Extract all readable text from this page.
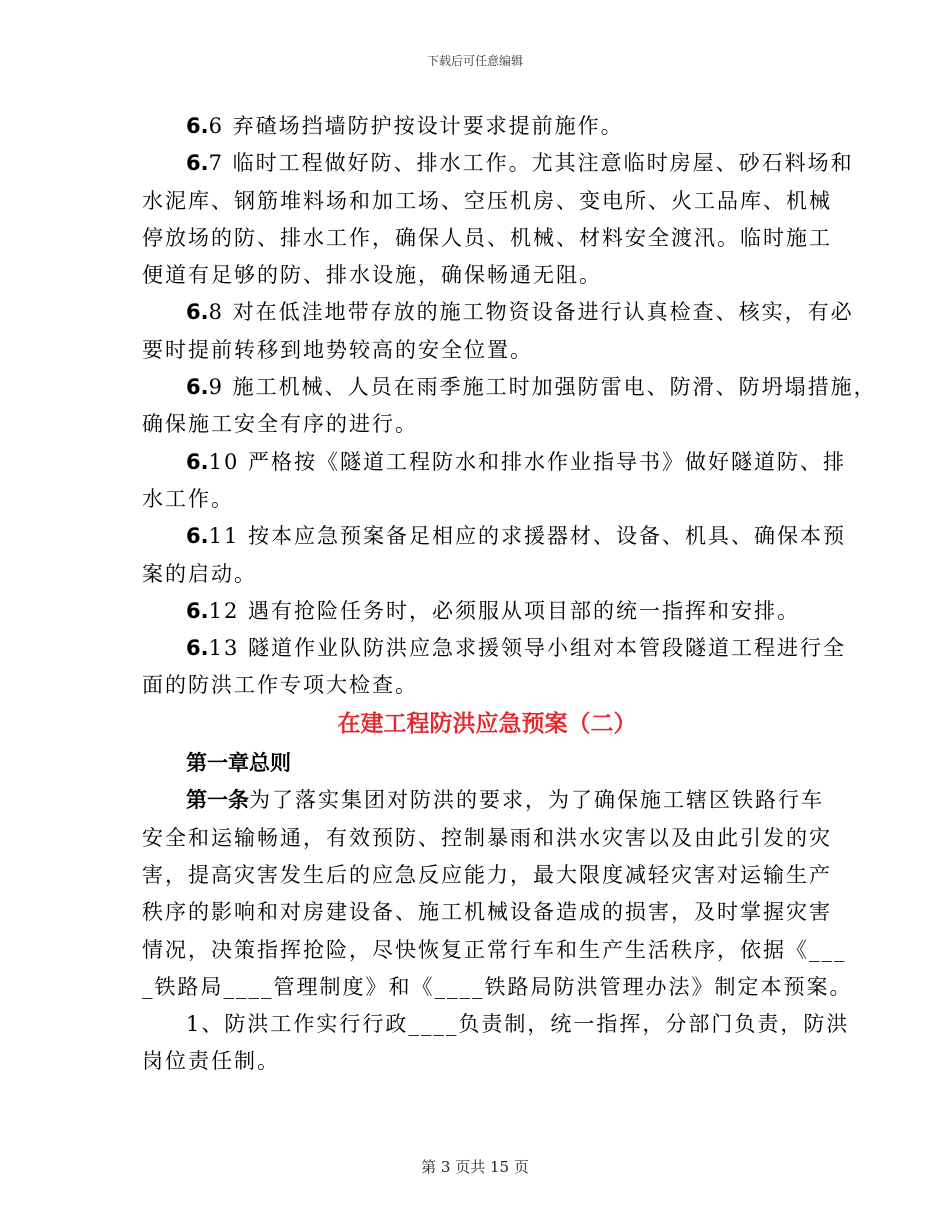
下载后可任意编辑
6.6 弃碴场挡墙防护按设计要求提前施作。
6.7 临时工程做好防、排水工作。尤其注意临时房屋、砂石料场和
水泥库、钢筋堆料场和加工场、空压机房、变电所、火工品库、机械
停放场的防、排水工作，确保人员、机械、材料安全渡汛。临时施工
便道有足够的防、排水设施，确保畅通无阻。
6.8 对在低洼地带存放的施工物资设备进行认真检查、核实，有必
要时提前转移到地势较高的安全位置。
6.9 施工机械、人员在雨季施工时加强防雷电、防滑、防坍塌措施，
确保施工安全有序的进行。
6.10 严格按《隧道工程防水和排水作业指导书》做好隧道防、排
水工作。
6.11 按本应急预案备足相应的求援器材、设备、机具、确保本预
案的启动。
6.12 遇有抢险任务时，必须服从项目部的统一指挥和安排。
6.13 隧道作业队防洪应急求援领导小组对本管段隧道工程进行全
面的防洪工作专项大检查。
在建工程防洪应急预案（二）
第一章总则
第一条为了落实集团对防洪的要求，为了确保施工辖区铁路行车
安全和运输畅通，有效预防、控制暴雨和洪水灾害以及由此引发的灾
害，提高灾害发生后的应急反应能力，最大限度减轻灾害对运输生产
秩序的影响和对房建设备、施工机械设备造成的损害，及时掌握灾害
情况，决策指挥抢险，尽快恢复正常行车和生产生活秩序，依据《___
_铁路局____管理制度》和《____铁路局防洪管理办法》制定本预案。
1、防洪工作实行行政____负责制，统一指挥，分部门负责，防洪
岗位责任制。
第 3 页共 15 页
